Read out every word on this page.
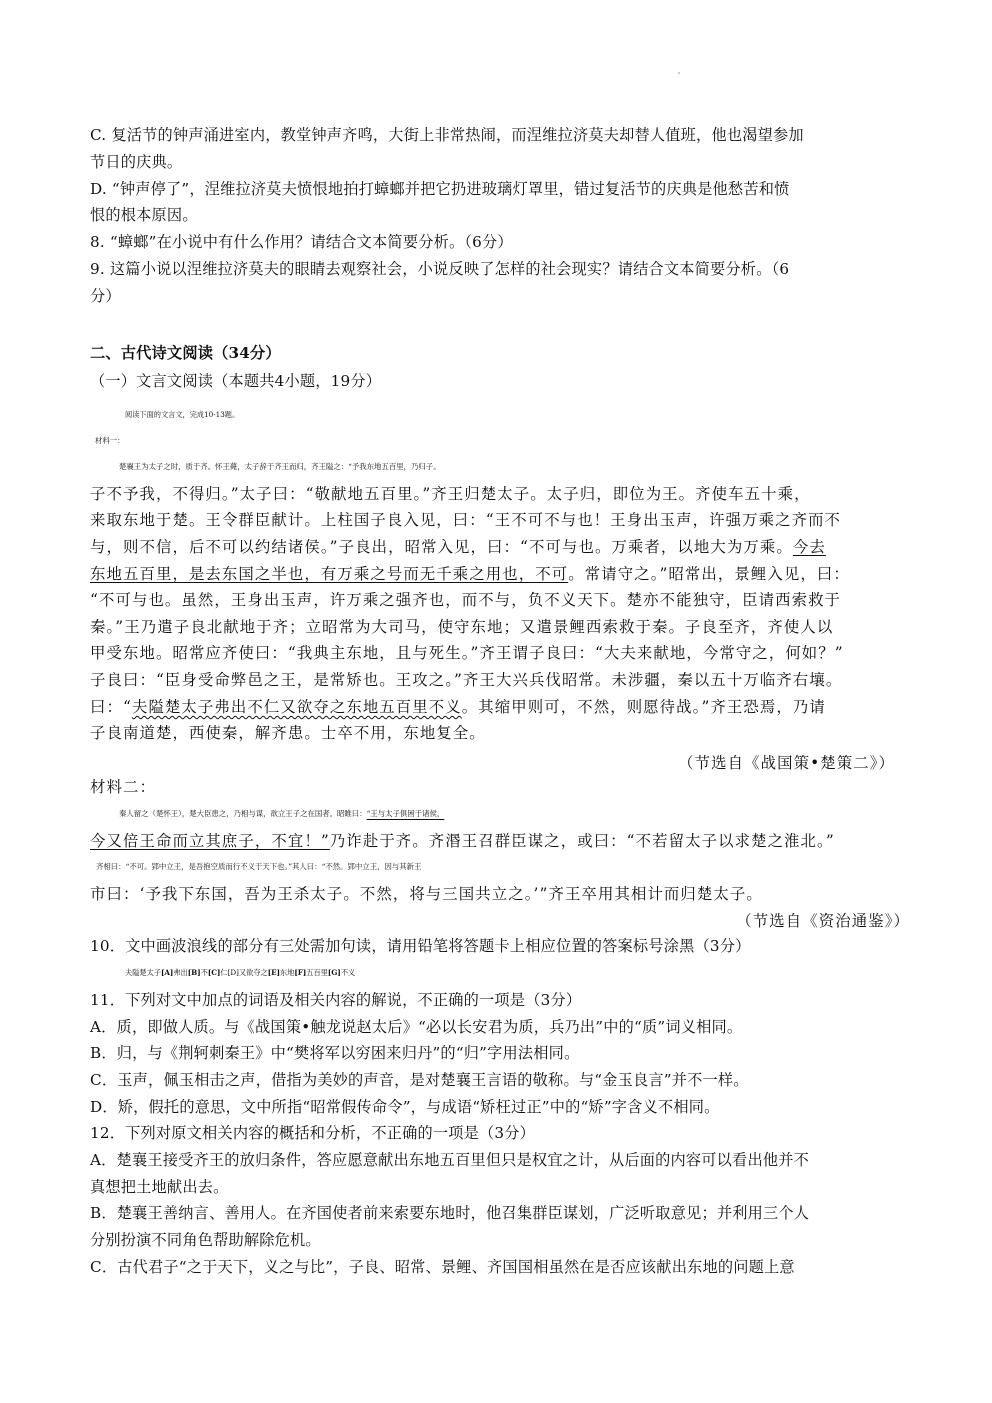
C. 复活节的钟声涌进室内，教堂钟声齐鸣，大街上非常热闹，而涅维拉济莫夫却替人值班，他也渴望参加
节日的庆典。
D. “钟声停了”，涅维拉济莫夫愤恨地拍打蟑螂并把它扔进玻璃灯罩里，错过复活节的庆典是他愁苦和愤
恨的根本原因。
8. “蟑螂”在小说中有什么作用？请结合文本简要分析。（6分）
9. 这篇小说以涅维拉济莫夫的眼睛去观察社会，小说反映了怎样的社会现实？请结合文本简要分析。（6
分）
二、古代诗文阅读（34分）
（一）文言文阅读（本题共4小题，19分）
阅读下面的文言文，完成10-13题。
材料一：
楚襄王为太子之时，质于齐。怀王薨，太子辞于齐王而归，齐王隘之：“予我东地五百里，乃归子。
子不予我，不得归。”太子曰：“敬献地五百里。”齐王归楚太子。太子归，即位为王。齐使车五十乘，
来取东地于楚。王令群臣献计。上柱国子良入见，曰：“王不可不与也！王身出玉声，许强万乘之齐而不
与，则不信，后不可以约结诸侯。”子良出，昭常入见，曰：“不可与也。万乘者，以地大为万乘。今去
东地五百里，是去东国之半也，有万乘之号而无千乘之用也，不可。常请守之。”昭常出，景鲤入见，曰：
“不可与也。虽然，王身出玉声，许万乘之强齐也，而不与，负不义天下。楚亦不能独守，臣请西索救于
秦。”王乃遣子良北献地于齐；立昭常为大司马，使守东地；又遣景鲤西索救于秦。子良至齐，齐使人以
甲受东地。昭常应齐使曰：“我典主东地，且与死生。”齐王谓子良曰：“大夫来献地，今常守之，何如？”
子良曰：“臣身受命弊邑之王，是常矫也。王攻之。”齐王大兴兵伐昭常。未涉疆，秦以五十万临齐右壤。
曰：“夫隘楚太子弗出不仁又欲夺之东地五百里不义。其缩甲则可，不然，则愿待战。”齐王恐焉，乃请
子良南道楚，西使秦，解齐患。士卒不用，东地复全。
（节选自《战国策•楚策二》）
材料二：
秦人留之（楚怀王），楚大臣患之，乃相与谋，欲立王子之在国者。昭睢曰：“王与太子俱困于诸侯，
今又倍王命而立其庶子，不宜！”乃诈赴于齐。齐湣王召群臣谋之，或曰：“不若留太子以求楚之淮北。”
齐相曰：“不可。郢中立王，是吾抱空质而行不义于天下也。”其人曰：“不然。郢中立王，因与其新王
市曰：‘予我下东国，吾为王杀太子。不然，将与三国共立之。’”齐王卒用其相计而归楚太子。
（节选自《资治通鉴》）
10．文中画波浪线的部分有三处需加句读，请用铅笔将答题卡上相应位置的答案标号涂黑（3分）
夫隘楚太子[A]弗出[B]不[C]仁[D]又欲夺之[E]东地[F]五百里[G]不义
11．下列对文中加点的词语及相关内容的解说，不正确的一项是（3分）
A．质，即做人质。与《战国策•触龙说赵太后》“必以长安君为质，兵乃出”中的“质”词义相同。
B．归，与《荆轲刺秦王》中“樊将军以穷困来归丹”的“归”字用法相同。
C．玉声，佩玉相击之声，借指为美妙的声音，是对楚襄王言语的敬称。与“金玉良言”并不一样。
D．矫，假托的意思，文中所指“昭常假传命令”，与成语“矫枉过正”中的“矫”字含义不相同。
12．下列对原文相关内容的概括和分析，不正确的一项是（3分）
A．楚襄王接受齐王的放归条件，答应愿意献出东地五百里但只是权宜之计，从后面的内容可以看出他并不
真想把土地献出去。
B．楚襄王善纳言、善用人。在齐国使者前来索要东地时，他召集群臣谋划，广泛听取意见；并利用三个人
分别扮演不同角色帮助解除危机。
C．古代君子“之于天下，义之与比”，子良、昭常、景鲤、齐国国相虽然在是否应该献出东地的问题上意
